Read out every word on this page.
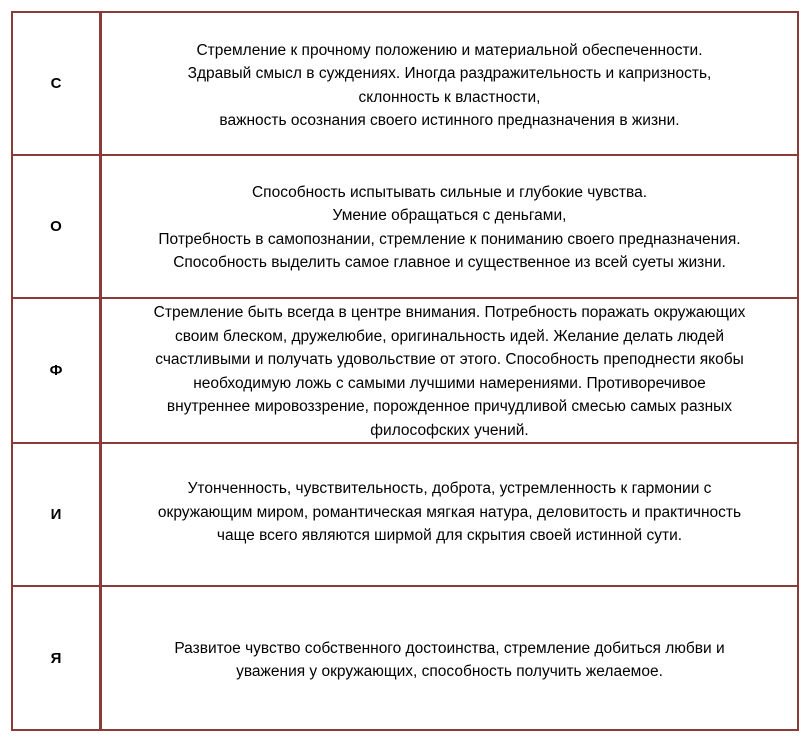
С
Стремление к прочному положению и материальной обеспеченности.
Здравый смысл в суждениях. Иногда раздражительность и капризность,
склонность к властности,
важность осознания своего истинного предназначения в жизни.
О
Способность испытывать сильные и глубокие чувства.
Умение обращаться с деньгами,
Потребность в самопознании, стремление к пониманию своего предназначения.
Способность выделить самое главное и существенное из всей суеты жизни.
Ф
Стремление быть всегда в центре внимания. Потребность поражать окружающих
своим блеском, дружелюбие, оригинальность идей. Желание делать людей
счастливыми и получать удовольствие от этого. Способность преподнести якобы
необходимую ложь с самыми лучшими намерениями. Противоречивое
внутреннее мировоззрение, порожденное причудливой смесью самых разных
философских учений.
И
Утонченность, чувствительность, доброта, устремленность к гармонии с
окружающим миром, романтическая мягкая натура, деловитость и практичность
чаще всего являются ширмой для скрытия своей истинной сути.
Я
Развитое чувство собственного достоинства, стремление добиться любви и
уважения у окружающих, способность получить желаемое.
